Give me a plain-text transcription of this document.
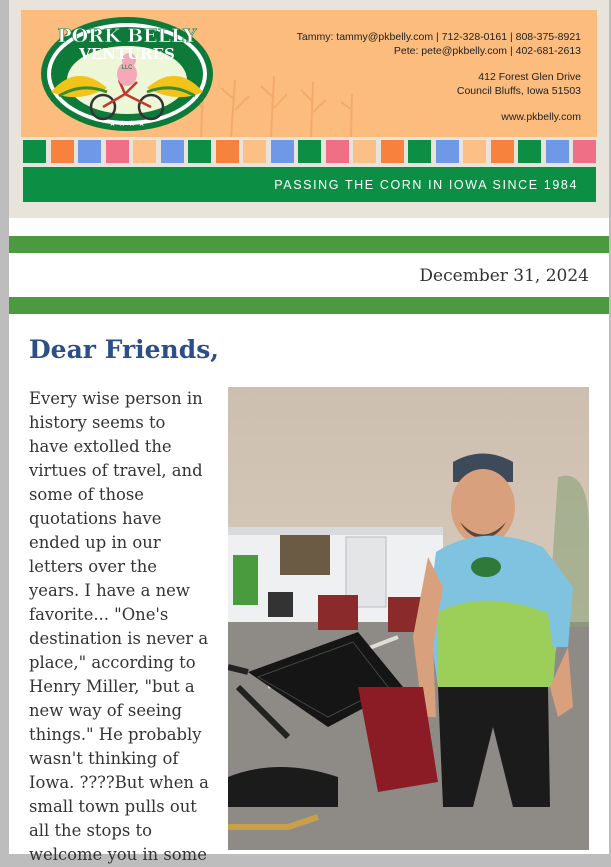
PORK BELLY
VENTURES
LLC
★ ★ ★ ★
Tammy: tammy@pkbelly.com | 712-328-0161 | 808-375-8921
Pete: pete@pkbelly.com | 402-681-2613
412 Forest Glen Drive
Council Bluffs, Iowa 51503
www.pkbelly.com
PASSING THE CORN IN IOWA SINCE 1984
December 31, 2024
Dear Friends,
Every wise person in
history seems to
have extolled the
virtues of travel, and
some of those
quotations have
ended up in our
letters over the
years. I have a new
favorite... "One's
destination is never a
place," according to
Henry Miller, "but a
new way of seeing
things." He probably
wasn't thinking of
Iowa. ????But when a
small town pulls out
all the stops to
welcome you in some
